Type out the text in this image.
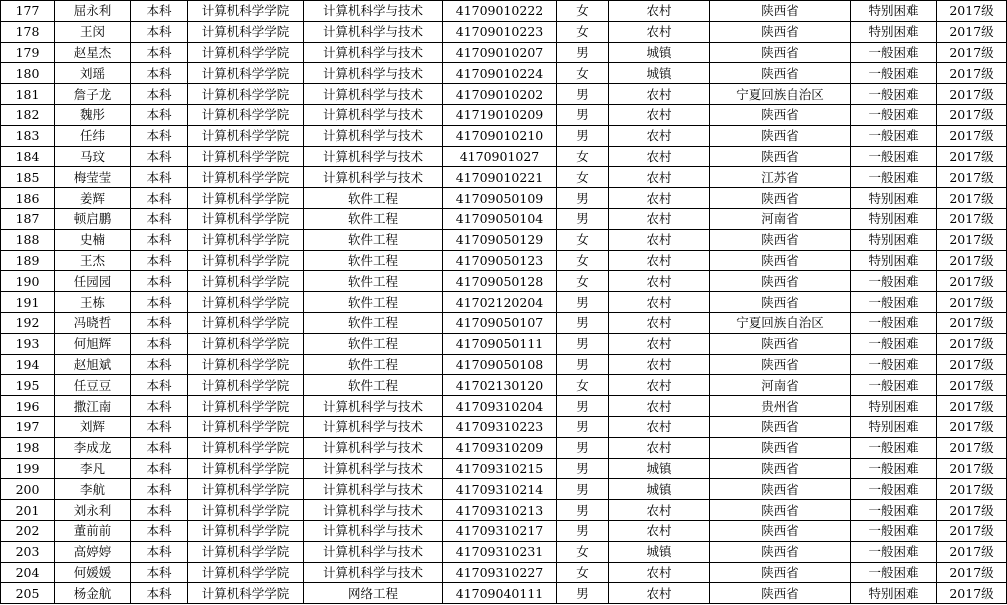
177	屈永利	本科	计算机科学学院	计算机科学与技术	41709010222	女	农村	陕西省	特别困难	2017级
178	王闵	本科	计算机科学学院	计算机科学与技术	41709010223	女	农村	陕西省	特别困难	2017级
179	赵星杰	本科	计算机科学学院	计算机科学与技术	41709010207	男	城镇	陕西省	一般困难	2017级
180	刘瑶	本科	计算机科学学院	计算机科学与技术	41709010224	女	城镇	陕西省	一般困难	2017级
181	詹子龙	本科	计算机科学学院	计算机科学与技术	41709010202	男	农村	宁夏回族自治区	一般困难	2017级
182	魏彤	本科	计算机科学学院	计算机科学与技术	41719010209	男	农村	陕西省	一般困难	2017级
183	任纬	本科	计算机科学学院	计算机科学与技术	41709010210	男	农村	陕西省	一般困难	2017级
184	马玟	本科	计算机科学学院	计算机科学与技术	4170901027	女	农村	陕西省	一般困难	2017级
185	梅莹莹	本科	计算机科学学院	计算机科学与技术	41709010221	女	农村	江苏省	一般困难	2017级
186	姜辉	本科	计算机科学学院	软件工程	41709050109	男	农村	陕西省	特别困难	2017级
187	顿启鹏	本科	计算机科学学院	软件工程	41709050104	男	农村	河南省	特别困难	2017级
188	史楠	本科	计算机科学学院	软件工程	41709050129	女	农村	陕西省	特别困难	2017级
189	王杰	本科	计算机科学学院	软件工程	41709050123	女	农村	陕西省	特别困难	2017级
190	任园园	本科	计算机科学学院	软件工程	41709050128	女	农村	陕西省	一般困难	2017级
191	王栋	本科	计算机科学学院	软件工程	41702120204	男	农村	陕西省	一般困难	2017级
192	冯晓哲	本科	计算机科学学院	软件工程	41709050107	男	农村	宁夏回族自治区	一般困难	2017级
193	何旭辉	本科	计算机科学学院	软件工程	41709050111	男	农村	陕西省	一般困难	2017级
194	赵旭斌	本科	计算机科学学院	软件工程	41709050108	男	农村	陕西省	一般困难	2017级
195	任豆豆	本科	计算机科学学院	软件工程	41702130120	女	农村	河南省	一般困难	2017级
196	撒江南	本科	计算机科学学院	计算机科学与技术	41709310204	男	农村	贵州省	特别困难	2017级
197	刘辉	本科	计算机科学学院	计算机科学与技术	41709310223	男	农村	陕西省	特别困难	2017级
198	李成龙	本科	计算机科学学院	计算机科学与技术	41709310209	男	农村	陕西省	一般困难	2017级
199	李凡	本科	计算机科学学院	计算机科学与技术	41709310215	男	城镇	陕西省	一般困难	2017级
200	李航	本科	计算机科学学院	计算机科学与技术	41709310214	男	城镇	陕西省	一般困难	2017级
201	刘永利	本科	计算机科学学院	计算机科学与技术	41709310213	男	农村	陕西省	一般困难	2017级
202	董前前	本科	计算机科学学院	计算机科学与技术	41709310217	男	农村	陕西省	一般困难	2017级
203	高婷婷	本科	计算机科学学院	计算机科学与技术	41709310231	女	城镇	陕西省	一般困难	2017级
204	何媛媛	本科	计算机科学学院	计算机科学与技术	41709310227	女	农村	陕西省	一般困难	2017级
205	杨金航	本科	计算机科学学院	网络工程	41709040111	男	农村	陕西省	特别困难	2017级
